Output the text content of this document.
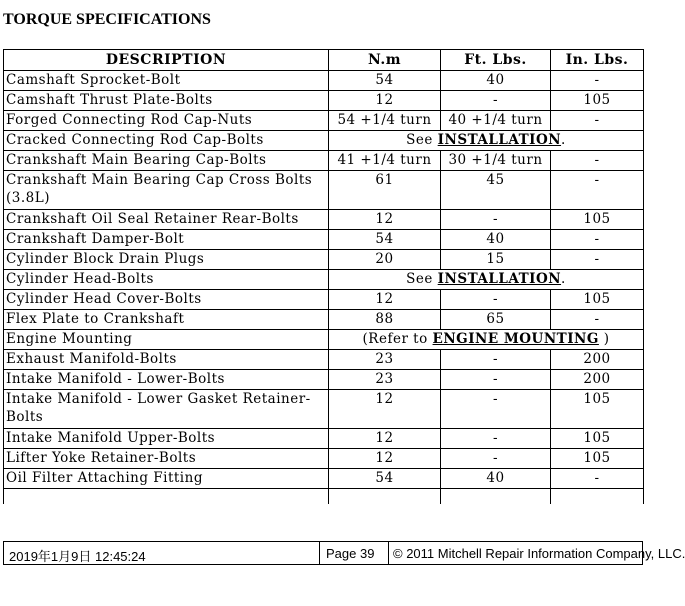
TORQUE SPECIFICATIONS
DESCRIPTION	N.m	Ft. Lbs.	In. Lbs.
Camshaft Sprocket-Bolt	54	40	-
Camshaft Thrust Plate-Bolts	12	-	105
Forged Connecting Rod Cap-Nuts	54 +1/4 turn	40 +1/4 turn	-
Cracked Connecting Rod Cap-Bolts	See INSTALLATION.		
Crankshaft Main Bearing Cap-Bolts	41 +1/4 turn	30 +1/4 turn	-
Crankshaft Main Bearing Cap Cross Bolts (3.8L)	61	45	-
Crankshaft Oil Seal Retainer Rear-Bolts	12	-	105
Crankshaft Damper-Bolt	54	40	-
Cylinder Block Drain Plugs	20	15	-
Cylinder Head-Bolts	See INSTALLATION.		
Cylinder Head Cover-Bolts	12	-	105
Flex Plate to Crankshaft	88	65	-
Engine Mounting	(Refer to ENGINE MOUNTING )		
Exhaust Manifold-Bolts	23	-	200
Intake Manifold - Lower-Bolts	23	-	200
Intake Manifold - Lower Gasket Retainer-Bolts	12	-	105
Intake Manifold Upper-Bolts	12	-	105
Lifter Yoke Retainer-Bolts	12	-	105
Oil Filter Attaching Fitting	54	40	-

2019年1月9日 12:45:24	Page 39 © 2011 Mitchell Repair Information Company, LLC.
